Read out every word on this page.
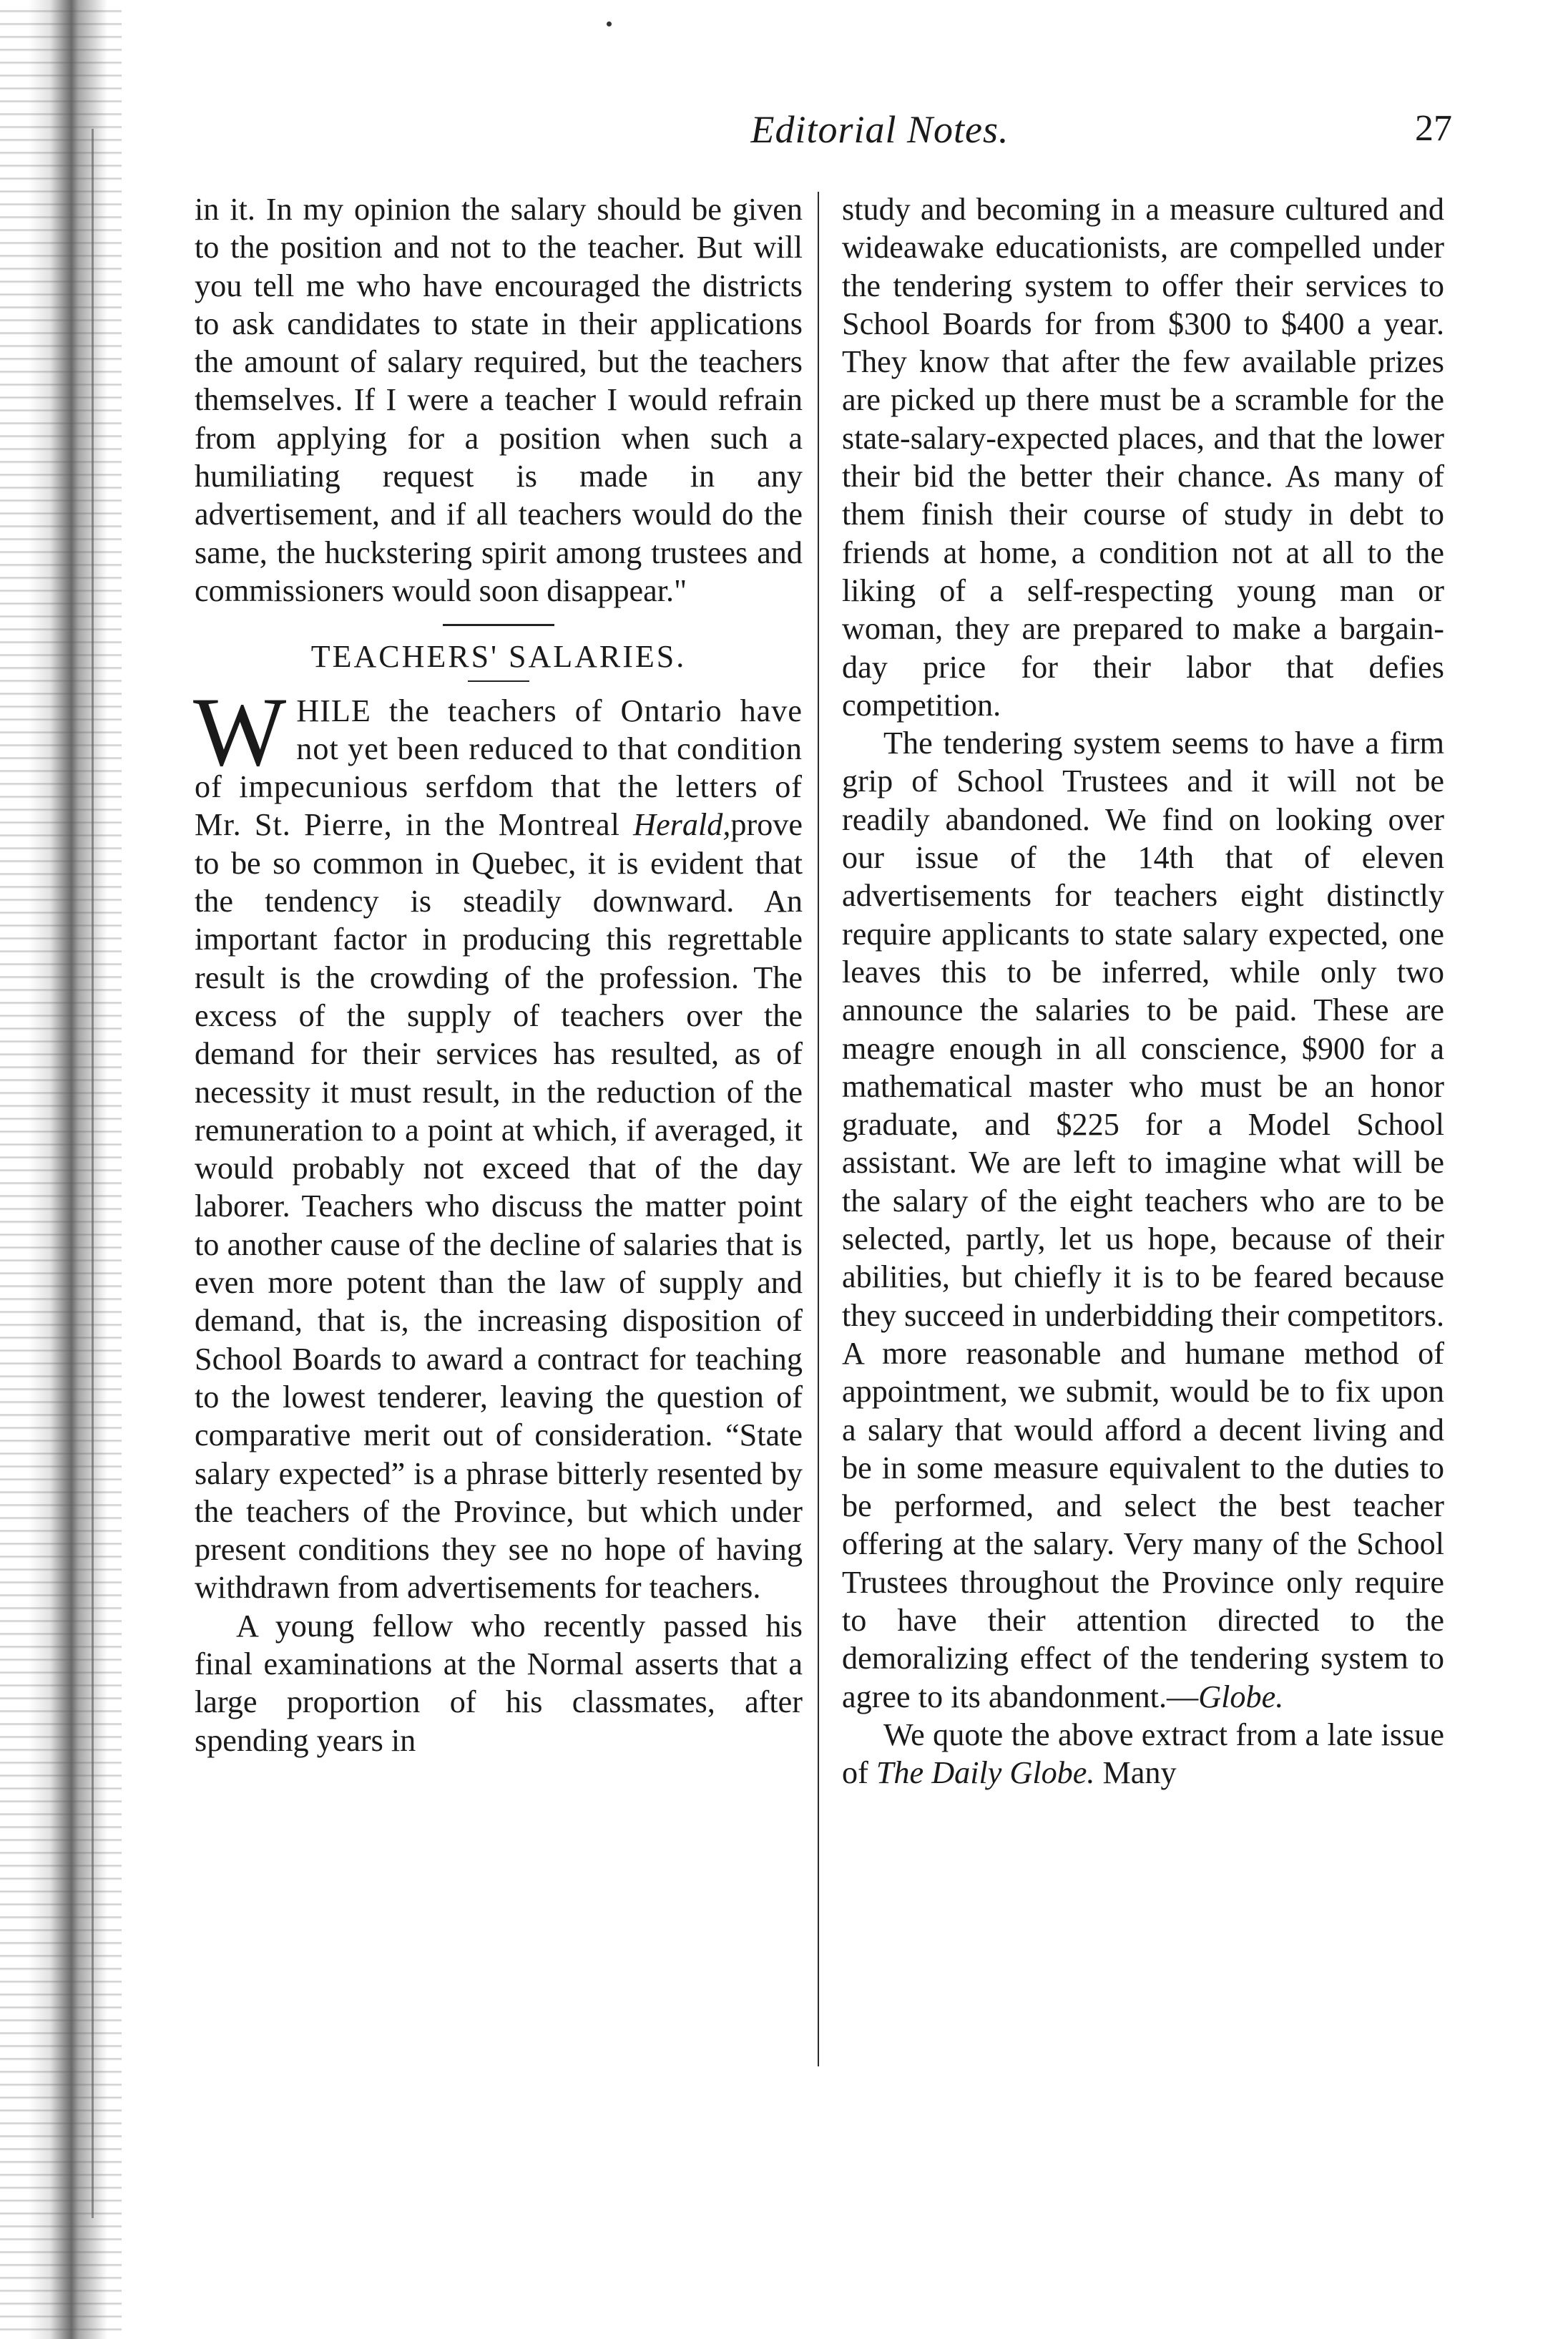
Editorial Notes.	27

in it. In my opinion the salary should be given to the position and not to the teacher. But will you tell me who have encouraged the districts to ask candidates to state in their applications the amount of salary required, but the teachers themselves. If I were a teacher I would refrain from applying for a position when such a humiliating request is made in any advertisement, and if all teachers would do the same, the huckstering spirit among trustees and commissioners would soon disappear."

TEACHERS' SALARIES.

WHILE the teachers of Ontario have not yet been reduced to that condition of impecunious serfdom that the letters of Mr. St. Pierre, in the Montreal Herald,prove to be so common in Quebec, it is evident that the tendency is steadily downward. An important factor in producing this regrettable result is the crowding of the profession. The excess of the supply of teachers over the demand for their services has resulted, as of necessity it must result, in the reduction of the remuneration to a point at which, if averaged, it would probably not exceed that of the day laborer. Teachers who discuss the matter point to another cause of the decline of salaries that is even more potent than the law of supply and demand, that is, the increasing disposition of School Boards to award a contract for teaching to the lowest tenderer, leaving the question of comparative merit out of consideration. “State salary expected” is a phrase bitterly resented by the teachers of the Province, but which under present conditions they see no hope of having withdrawn from advertisements for teachers.

A young fellow who recently passed his final examinations at the Normal asserts that a large proportion of his classmates, after spending years in

study and becoming in a measure cultured and wideawake educationists, are compelled under the tendering system to offer their services to School Boards for from $300 to $400 a year. They know that after the few available prizes are picked up there must be a scramble for the state-salary-expected places, and that the lower their bid the better their chance. As many of them finish their course of study in debt to friends at home, a condition not at all to the liking of a self-respecting young man or woman, they are prepared to make a bargain-day price for their labor that defies competition.

The tendering system seems to have a firm grip of School Trustees and it will not be readily abandoned. We find on looking over our issue of the 14th that of eleven advertisements for teachers eight distinctly require applicants to state salary expected, one leaves this to be inferred, while only two announce the salaries to be paid. These are meagre enough in all conscience, $900 for a mathematical master who must be an honor graduate, and $225 for a Model School assistant. We are left to imagine what will be the salary of the eight teachers who are to be selected, partly, let us hope, because of their abilities, but chiefly it is to be feared because they succeed in underbidding their competitors. A more reasonable and humane method of appointment, we submit, would be to fix upon a salary that would afford a decent living and be in some measure equivalent to the duties to be performed, and select the best teacher offering at the salary. Very many of the School Trustees throughout the Province only require to have their attention directed to the demoralizing effect of the tendering system to agree to its abandonment.—Globe.

We quote the above extract from a late issue of The Daily Globe. Many
